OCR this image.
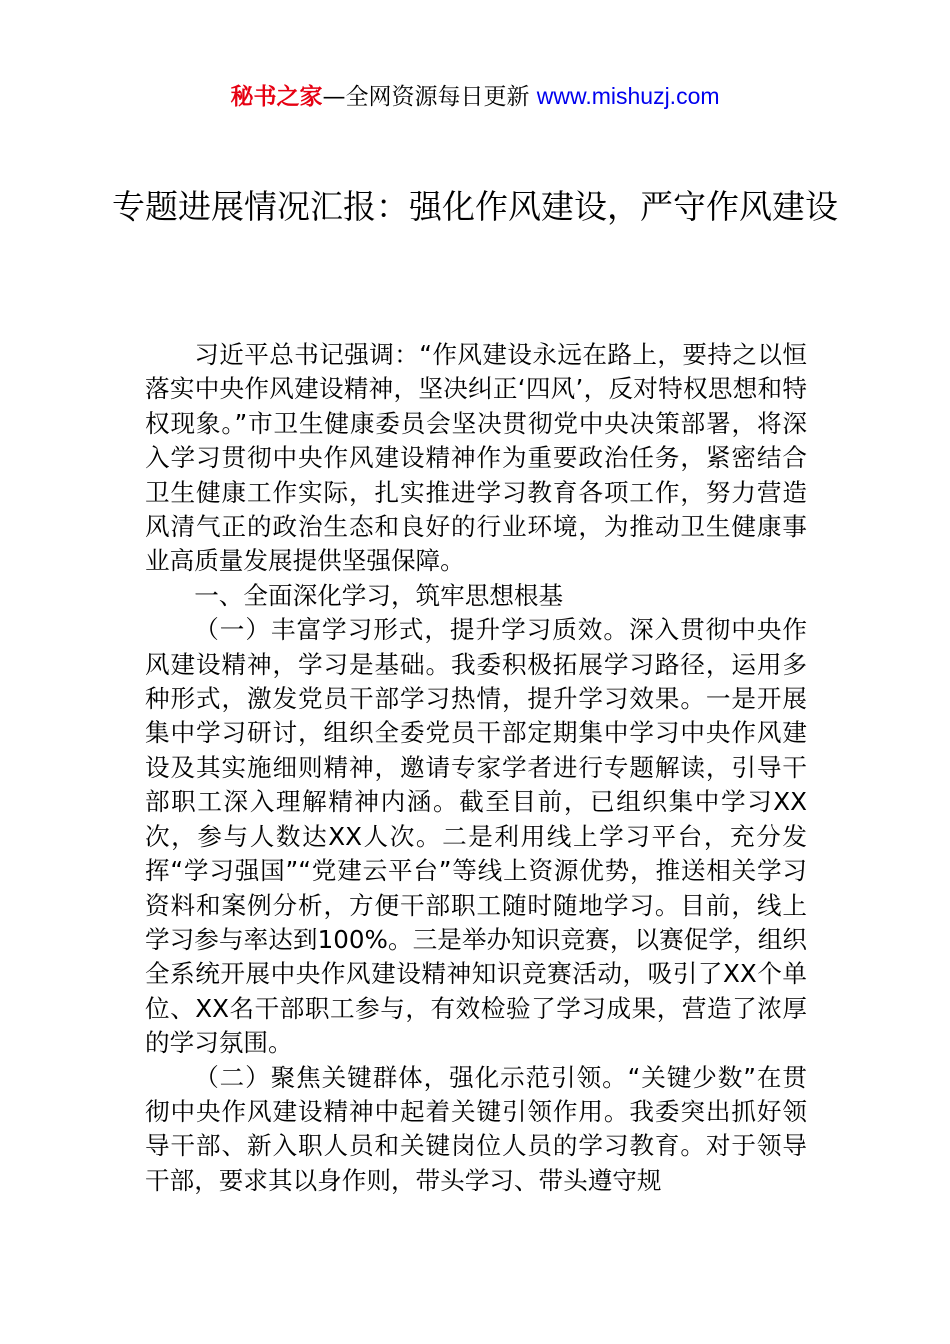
秘书之家—全网资源每日更新 www.mishuzj.com
专题进展情况汇报：强化作风建设，严守作风建设

习近平总书记强调：“作风建设永远在路上，要持之以恒落实中央作风建设精神，坚决纠正‘四风’，反对特权思想和特权现象。”市卫生健康委员会坚决贯彻党中央决策部署，将深入学习贯彻中央作风建设精神作为重要政治任务，紧密结合卫生健康工作实际，扎实推进学习教育各项工作，努力营造风清气正的政治生态和良好的行业环境，为推动卫生健康事业高质量发展提供坚强保障。

一、全面深化学习，筑牢思想根基

（一）丰富学习形式，提升学习质效。深入贯彻中央作风建设精神，学习是基础。我委积极拓展学习路径，运用多种形式，激发党员干部学习热情，提升学习效果。一是开展集中学习研讨，组织全委党员干部定期集中学习中央作风建设及其实施细则精神，邀请专家学者进行专题解读，引导干部职工深入理解精神内涵。截至目前，已组织集中学习XX次，参与人数达XX人次。二是利用线上学习平台，充分发挥“学习强国”“党建云平台”等线上资源优势，推送相关学习资料和案例分析，方便干部职工随时随地学习。目前，线上学习参与率达到100%。三是举办知识竞赛，以赛促学，组织全系统开展中央作风建设精神知识竞赛活动，吸引了XX个单位、XX名干部职工参与，有效检验了学习成果，营造了浓厚的学习氛围。

（二）聚焦关键群体，强化示范引领。“关键少数”在贯彻中央作风建设精神中起着关键引领作用。我委突出抓好领导干部、新入职人员和关键岗位人员的学习教育。对于领导干部，要求其以身作则，带头学习、带头遵守规
